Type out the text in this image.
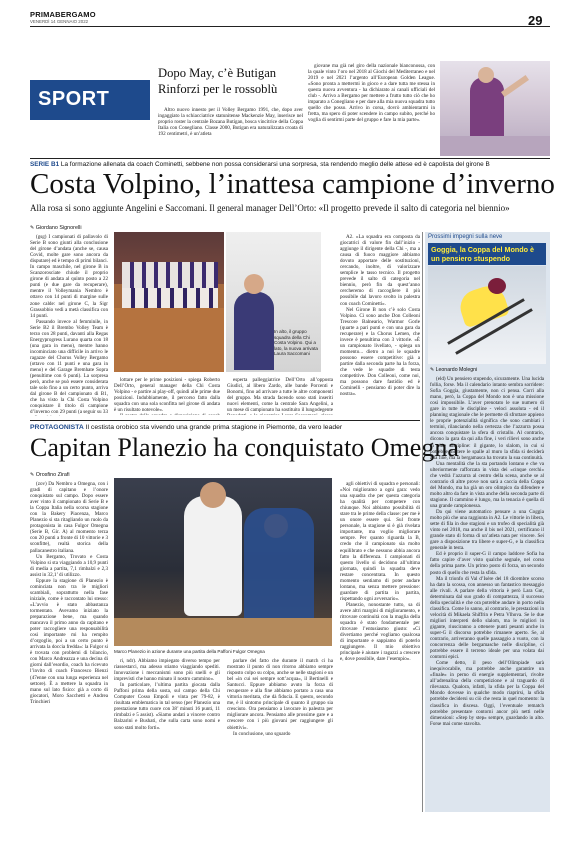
PRIMABERGAMO
VENERDÌ 14 GENNAIO 2022	29
SPORT
Dopo May, c’è Butigan Rinforzi per le rossoblù

Altro nuovo innesto per il Volley Bergamo 1991, che, dopo aver ingaggiato la schiacciatrice statunitense Mackenzie May, inserisce nel proprio roster la centrale Bozana Butigan, bosca vincitrice della Coppa Italia con Conegliano. Classe 2000, Butigan era naturalizzata croata di 192 centimetri, è un’atleta

giovane ma già nel giro della nazionale bianconossa, con la quale vinto l’oro nel 2018 al Giochi del Mediterraneo e nel 2019 e nel 2021 l’argento all’European Golden League. «Sono pronta a mettermi in gioco e a dare tutta me stessa in questa nuova avventura - ha dichiarato ai canali ufficiali del club -. Arrivo a Bergamo per mettere a frutto tutto ciò che ho imparato a Conegliano e per dare alla mia nuova squadra tutto quello che posso. Arrivo in corsa, dovrò ambientarmi in fretta, ma spero di poter scendere in campo subito, perché ho voglia di sentirmi parte del gruppo e fare la mia parte».

SERIE B1 La formazione allenata da coach Cominetti, sebbene non possa considerarsi una sorpresa, sta rendendo meglio delle attese ed è capolista del girone B
Costa Volpino, l’inattesa campione d’inverno
Alla rosa si sono aggiunte Angelini e Saccomani. Il general manager Dell’Orto: «Il progetto prevede il salto di categoria nel biennio»
✎ Giordano Signorelli

(gsg) I campionati di pallavolo di Serie B sono giunti alla conclusione del girone d’andata (anche se, causa Covid, molte gare sono ancora da disputare) ed è tempo di primi bilanci. In campo maschile, nel girone B in Scanzorosciate chiude il proprio girone di andata al quinto posto a 22 punti (e due gare da recuperare), mentre il Volleymania Nembro è ottavo con 14 punti di margine sulle zone calde: nel girone C, la Sigr Grassobbio vedi a metà classifica con 14 punti.

Passando invece al femminile, in Serie B2 il Brembo Volley Team è terzo con 28 punti, davanti alla Regas Energyprogress Lurano quarta con 18 (una gara in meno), mentre hanno incominciato una difficile in arrivo le ragazze del Chorus Volley Bergamo (ottavo con 11 punti e una gara in meno) e del Garage Bremhate Sopra (penultime con 6 punti). La sorpresa però, anche se può essere considerata tale solo fino a un certo punto, arriva dal girone B del campionato di B1, che ha visto la Chi Costa Volpino conquistare il titolo di campione d’inverno con 29 punti (a seguir su 33

In alto, il gruppo squadra della Chi Costa Volpino. Qui a lato, la nuova arrivata Laura Saccomani

lottare per le prime posizioni - spiega Roberto Dell’Orto, general manager della Chi Costa Volpino - e partire ai play-off, quindi alle prime due posizioni. Indubbiamente, il percorso fatto dalla squadra con una sola sconfitta nel girone di andata è un risultato notevole».

esperta palleggiatrice Dell’Orto all’opposta Giudici, al libero Zardo, alle bande Porcenti e Bonomi, fino ad arrivare a tutte le altre componenti del gruppo. Ma strada facendo sono stati inseriti nuovi elementi, come la centrale Sara Angelini, a un mese di campionato ha sostituito il lungodegente

A2. «La squadra era composta da giocatrici di valore fin dall’inizio - aggiunge il dirigente della Chi -, ma a causa di fuoco maggiore abbiamo dovuto apportare delle sostituzioni, cercando, inoltre, di valorizzare semplice le tasso tecnico. Il progetto prevede il salto di categoria nel biennio, però fin da quest’anno cercheremo di raccogliere il più possibile dal lavoro svolto in palestra con coach Cominetti».

Nel Girone B non c’è solo Costa Volpino. Ci sono anche Don Colleoni Trescore Balneario, Warmor Gorle (quarte a pari punti e con una gara da recuperare) e la Chorus Lemen, che invece è penultima con 3 vittorie. «È un campionato livellato, - spiega un momento... dietro a noi le squadre possono essere competitive: già a partire dalla seconda parte ha la forza, che vede le squadre di testa competitive. Don Colleoni, come noi, ma possono dare fastidio ed è Cominelli - pensiamo di poter dire la nostra».

Prossimi impegni sulla neve
Goggia, la Coppa del Mondo è un pensiero stuspendo
✎ Leonardo Molegni

(eld) Un pensiero stupendo, sicuramente. Una lucida follia, forse. Ma il calendario intanto sembra sorridere: Sofia Goggia, giustamente, non ci pensa. Corri alla mano, però, la Coppa del Mondo non è una missione così impossibile. L’aver prenotato le sue numero di gare in tutte le discipline - veloci assoluta - ed il planning stagionale che le permette di sfruttare appieno le proprie potenzialità significa che sono cambiati i termini, rilanciando nella certezza che l’azzurra possa ancora conquistare la sfera di cristallo. Al contrario, dicono la gara da qui alla fine, i veri rilievi sono anche in altre discipline: il gigante, lo slalom, in cui si potrebbe mettere le spalle al muro la sfida si deciderà alla fine, ma la bergamasca ha trovato la sua continuità.

Una mentalità che la sta portando lontano e che va ulteriormente rafforzata in vista dei «cinque cerchi» che vedrà l’azzurra al centro della scena, anche se al contrario di altre prove non sarà a caccia della Coppa del Mondo, ma ha già un oro olimpico da difendere e molto altro da fare in vista anche della seconda parte di stagione. Il cammino è lungo, ma la tenacia è quella di una grande campionessa.

Da qui viene automatico pensare a una Coggia molto più che una raggiunta in A2. Le vittorie in libera, sette di fila in due stagioni e un trofeo di specialità già vinto nel 2018, ma anche il bis nel 2021, certificano il grande stato di forma di un’atleta nata per vincere. Sei gare a disposizione tra libere e super-G, e la classifica generale in testa.

Ed è proprio il super-G il campo laddove Sofia ha fatto capire d’aver visto qualche segnale, nel corso della prima parte. Un primo posto di forza, un secondo posto di quello che resta la sfida.

Ma il trionfo di Val d’Isère del 18 dicembre scorso ha dato la scossa, con annesso un fantastico messaggio alle rivali. A parlare della vittoria è però Lara Gut, determinata dal suo grado di compattezza, il successo della specialità e che ora potrebbe andare in porto nella classifica. Come lo sanno, al contrario, le prestazioni in velocità di Mikaela Shiffrin e Petra Vlhova. Se le due migliori interpreti dello slalom, ma le migliori in gigante, riusciranno a ottenere punti pesanti anche in super-G il discorso potrebbe rimanere aperto. Se, al contrario, arriveranno quelle passaggio a vuoto, con la concorrenza delle bergamasche nelle discipline, ci potrebbe essere il terreno ideale per una volata dai contorni epici.

Come detto, il peso dell’Olimpiade sarà inequivocabile, ma potrebbe anche garantire un «finale» in perno di energie supplementari, rivolte all’adrenalina della competizione e al traguardo di rilevanza. Qualora, infatti, la sfida per la Coppa del Mondo dovesse in qualche modo riaprirsi, la sfida potrebbe decidersi su ciò che resta in quel momento: la classifica in discesa. Oggi, l’eventuale rematch potrebbe presentare contorni ancor più netti nelle dimensioni: «Step by step» sempre, guardando in alto. Forse mai come stavolta.

PROTAGONISTA Il cestista orobico sta vivendo una grande prima stagione in Piemonte, da vero leader
Capitan Planezio ha conquistato Omegna
✎ Orosfino Zirafi

(zov) Da Nembro a Omegna, con i gradi di capitano e l’onore conquistato sul campo. Dopo essere aver vinto il campionato di Serie B e la Coppa Italia nella scorsa stagione con la Bakery Piacenza, Marco Planezio si sta ritagliando un ruolo da protagonista in casa Fulgor Omegna (Serie B, Gir. A) al momento terza con 20 punti a fronte di 10 vittorie e 3 sconfitte), realtà storica della pallacanestro italiana.

Un Bergamo, Trovato e Costa Volpino si sta viaggiando a 10,9 punti di media a partita, 7,1 rimbalzi e 2,3 assist in 32,1’ di utilizzo.

Eppure la stagione di Planezio è cominciata non tra le migliori scambiali, soprattutto nella fase iniziale, come è raccontato lui stesso: «L’avvio è stato abbastanza tormentato. Avevamo iniziato la preparazione bene, ma quando mancava il primo anno da capitano e poter raccogliere una responsabilità così importante mi ha rempito d’orgoglio, poi a un certo punto è arrivata la doccia fredda»: la Fulgor si è trovata con problemi di bilancio, con Marco Andreazza e una decina di giorni dall’esordio, coach ha ricevuto l’invito di coach Francesco Bienzi (47enne con una lunga esperienza nel settore). È a mettere la squadra in mano sul lato fisico: già a corto di giocatori, Moro Sacchetti e Andrea Trinchieri

Marco Planezio in azione durante una partita della Paffoni Fulgor Omegna

ri, ndr). Abbiamo impiegato diverso tempo per riassestarci, ma adesso stiamo viaggiando spediti. Innovazione i meccanismi sono più snelli e gli imprevisti che hanno minato il nostro cammino».

In particolare, l’ultima partita giocata dalla Paffoni prima della sosta, sul campo della Chi Computer Cosso Empoli e vinta per 79-82, è risultata emblematica in tal senso (per Planezio una prestazione tutto cuore con 38’ minuti 16 punti, 11 rimbalzi e 5 assist). «Siamo andati a vincere contro Balzarini e Bushati, che sulla carta sono nomi e sono stati molto forti».

parlare del fatto che durante il match ci ha mostrato il punto di non ritorno abbiamo sempre risposto colpo su colpo, anche se nelle stagioni e un bel «in cui sei sempre sott’acqua», il Bertinelli e Santucci. Eppure abbiamo avuto la forza di recuperare e alla fine abbiamo portato a casa una vittoria meritata, che dà fiducia. E questo, secondo me, è il sintomo principale di quanto il gruppo sia cresciuto. Ora pensiamo a lavorare in palestra per migliorare ancora. Pensiamo alle prossime gare e a crescere con i più giovani per raggiungere gli obiettivi».

In conclusione, uno sguardo

agli obiettivi di squadra e personali: «Noi miglioramo a ogni gara: vedo una squadra che per questa categoria ha qualità per competere con chiunque. Noi abbiamo possibilità di stare tra le prime della classe: per me è un onore essere qui. Sul fronte personale, la stagione si è già rivelata importante, ma voglio migliorare sempre. Per quanto riguarda la B, credo che il campionato sia molto equilibrato e che nessuno abbia ancora fatto la differenza. I campionati di questo livello si decidono all’ultima giornata, quindi la squadra deve restare concentrata. In questo momento sentiamo di poter andare lontano, ma senza mettere pressione: guardare di partita in partita, rispettando ogni avversario».

Planezio, nonostante tutto, sa di avere altri margini di miglioramento, e ritrovare continuità con la maglia della squadra è stato fondamentale per ritrovare l’entusiasmo giusto: «Ci divertiamo perché vogliamo qualcosa di importante e sappiamo di poterlo raggiungere. Il mio obiettivo principale è aiutare i ragazzi a crescere e, dove possibile, dare l’esempio».
